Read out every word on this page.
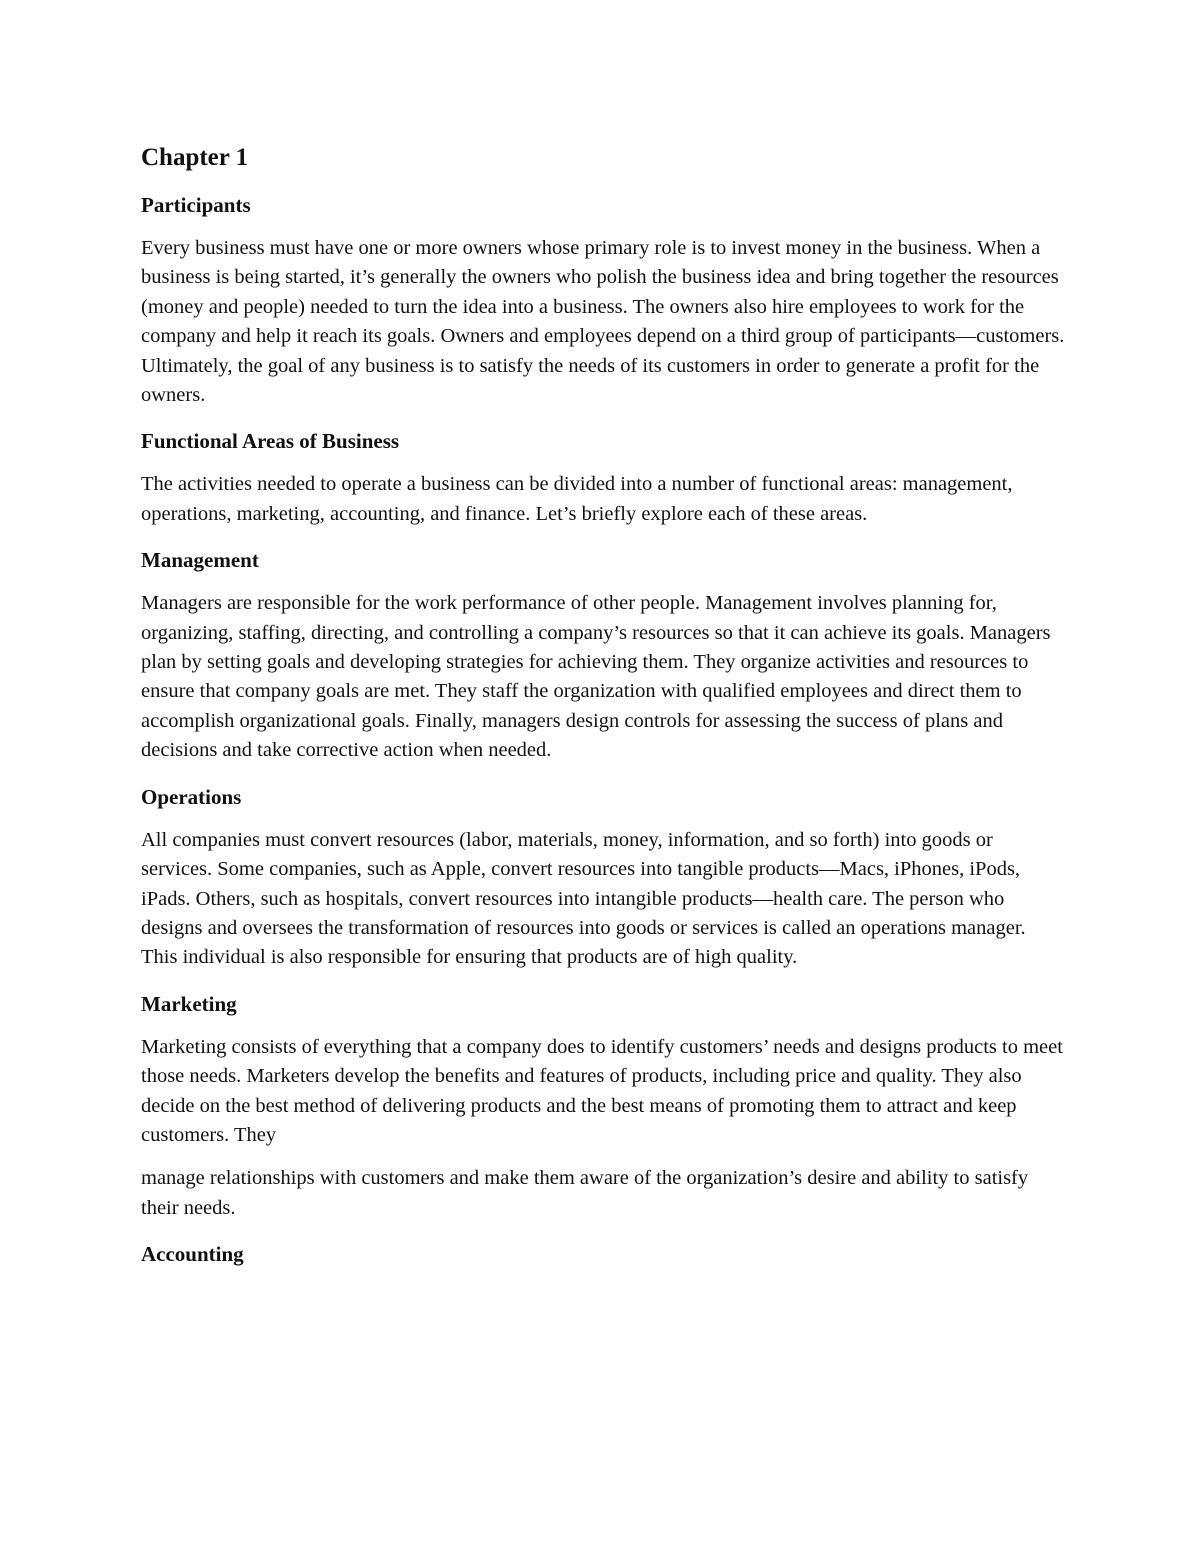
Chapter 1
Participants

Every business must have one or more owners whose primary role is to invest money in the business. When a business is being started, it’s generally the owners who polish the business idea and bring together the resources (money and people) needed to turn the idea into a business. The owners also hire employees to work for the company and help it reach its goals. Owners and employees depend on a third group of participants—customers. Ultimately, the goal of any business is to satisfy the needs of its customers in order to generate a profit for the owners.

Functional Areas of Business

The activities needed to operate a business can be divided into a number of functional areas: management, operations, marketing, accounting, and finance. Let’s briefly explore each of these areas.

Management

Managers are responsible for the work performance of other people. Management involves planning for, organizing, staffing, directing, and controlling a company’s resources so that it can achieve its goals. Managers plan by setting goals and developing strategies for achieving them. They organize activities and resources to ensure that company goals are met. They staff the organization with qualified employees and direct them to accomplish organizational goals. Finally, managers design controls for assessing the success of plans and decisions and take corrective action when needed.

Operations

All companies must convert resources (labor, materials, money, information, and so forth) into goods or services. Some companies, such as Apple, convert resources into tangible products—Macs, iPhones, iPods, iPads. Others, such as hospitals, convert resources into intangible products—health care. The person who designs and oversees the transformation of resources into goods or services is called an operations manager. This individual is also responsible for ensuring that products are of high quality.

Marketing

Marketing consists of everything that a company does to identify customers’ needs and designs products to meet those needs. Marketers develop the benefits and features of products, including price and quality. They also decide on the best method of delivering products and the best means of promoting them to attract and keep customers. They

manage relationships with customers and make them aware of the organization’s desire and ability to satisfy their needs.

Accounting
